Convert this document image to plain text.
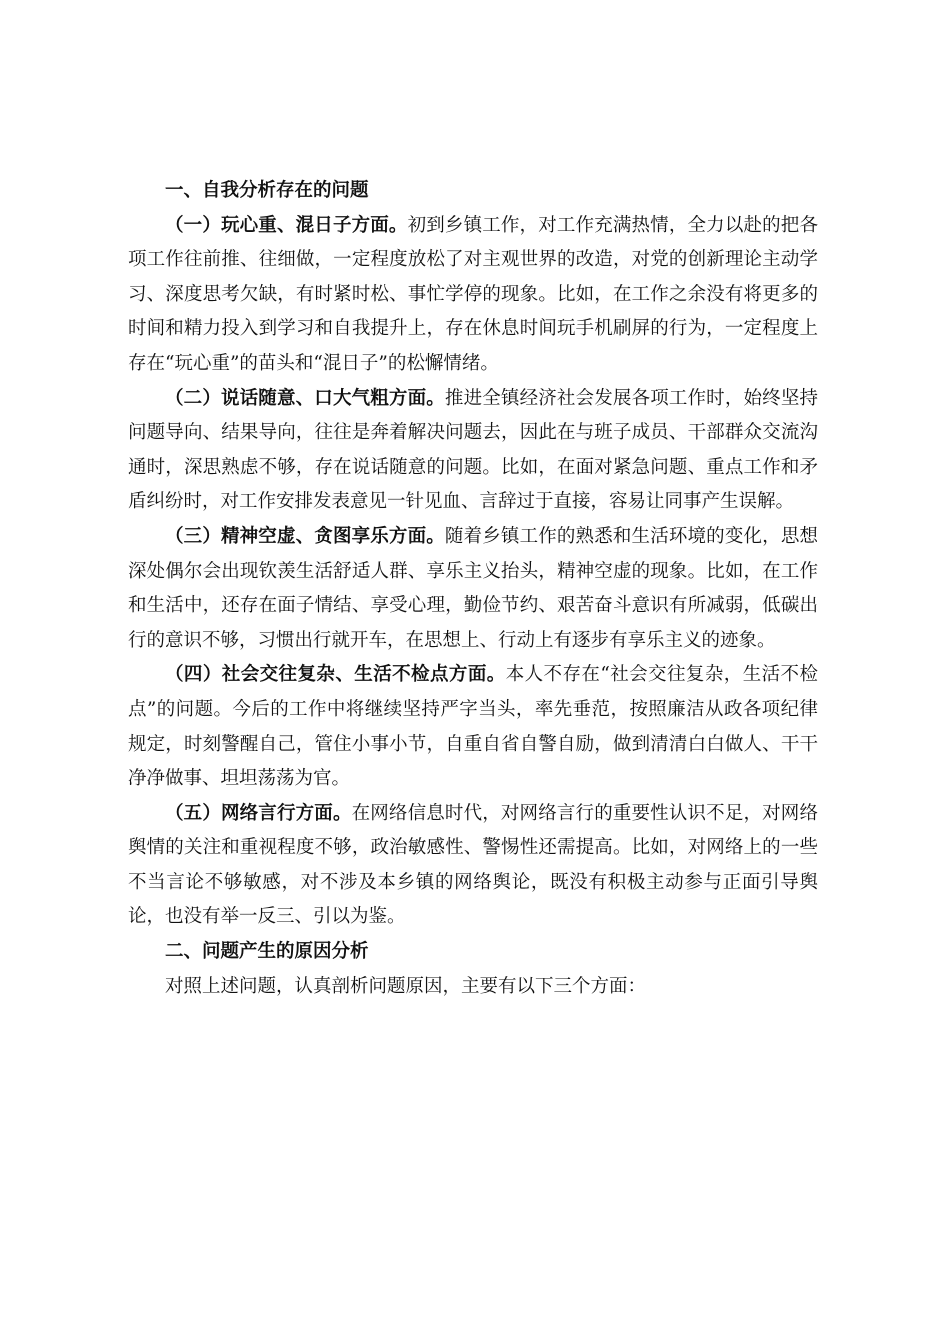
一、自我分析存在的问题

（一）玩心重、混日子方面。初到乡镇工作，对工作充满热情，全力以赴的把各项工作往前推、往细做，一定程度放松了对主观世界的改造，对党的创新理论主动学习、深度思考欠缺，有时紧时松、事忙学停的现象。比如，在工作之余没有将更多的时间和精力投入到学习和自我提升上，存在休息时间玩手机刷屏的行为，一定程度上存在“玩心重”的苗头和“混日子”的松懈情绪。

（二）说话随意、口大气粗方面。推进全镇经济社会发展各项工作时，始终坚持问题导向、结果导向，往往是奔着解决问题去，因此在与班子成员、干部群众交流沟通时，深思熟虑不够，存在说话随意的问题。比如，在面对紧急问题、重点工作和矛盾纠纷时，对工作安排发表意见一针见血、言辞过于直接，容易让同事产生误解。

（三）精神空虚、贪图享乐方面。随着乡镇工作的熟悉和生活环境的变化，思想深处偶尔会出现钦羡生活舒适人群、享乐主义抬头，精神空虚的现象。比如，在工作和生活中，还存在面子情结、享受心理，勤俭节约、艰苦奋斗意识有所减弱，低碳出行的意识不够，习惯出行就开车，在思想上、行动上有逐步有享乐主义的迹象。

（四）社会交往复杂、生活不检点方面。本人不存在“社会交往复杂，生活不检点”的问题。今后的工作中将继续坚持严字当头，率先垂范，按照廉洁从政各项纪律规定，时刻警醒自己，管住小事小节，自重自省自警自励，做到清清白白做人、干干净净做事、坦坦荡荡为官。

（五）网络言行方面。在网络信息时代，对网络言行的重要性认识不足，对网络舆情的关注和重视程度不够，政治敏感性、警惕性还需提高。比如，对网络上的一些不当言论不够敏感，对不涉及本乡镇的网络舆论，既没有积极主动参与正面引导舆论，也没有举一反三、引以为鉴。

二、问题产生的原因分析

对照上述问题，认真剖析问题原因，主要有以下三个方面：
